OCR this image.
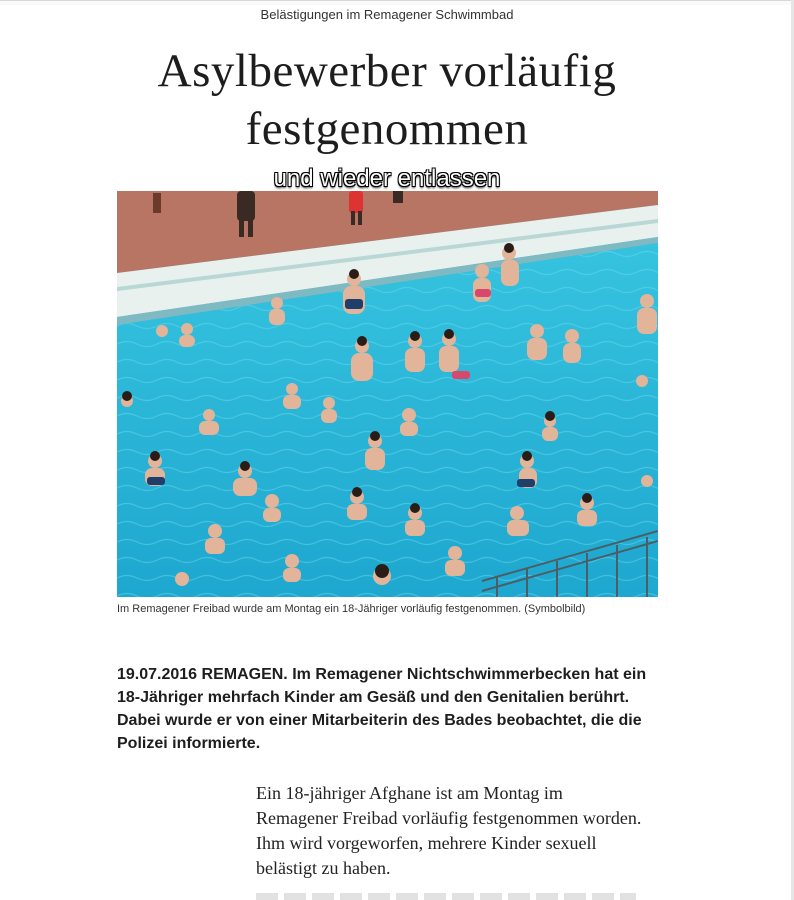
Belästigungen im Remagener Schwimmbad
Asylbewerber vorläufig festgenommen
und wieder entlassen
Im Remagener Freibad wurde am Montag ein 18-Jähriger vorläufig festgenommen. (Symbolbild)

19.07.2016 REMAGEN. Im Remagener Nichtschwimmerbecken hat ein 18-Jähriger mehrfach Kinder am Gesäß und den Genitalien berührt. Dabei wurde er von einer Mitarbeiterin des Bades beobachtet, die die Polizei informierte.

Ein 18-jähriger Afghane ist am Montag im Remagener Freibad vorläufig festgenommen worden. Ihm wird vorgeworfen, mehrere Kinder sexuell belästigt zu haben.
